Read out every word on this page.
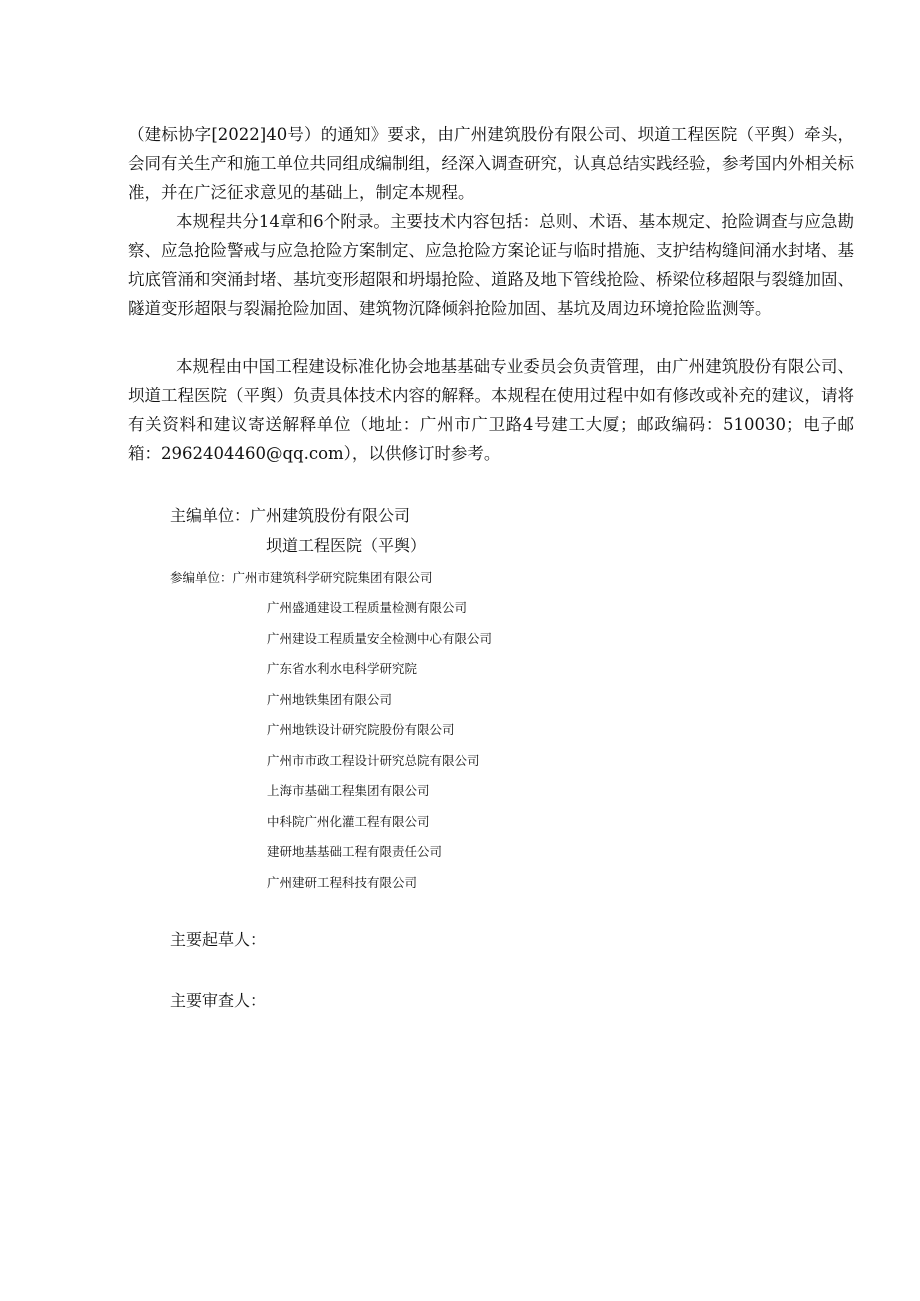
（建标协字[2022]40号）的通知》要求，由广州建筑股份有限公司、坝道工程医院（平舆）牵头，会同有关生产和施工单位共同组成编制组，经深入调查研究，认真总结实践经验，参考国内外相关标准，并在广泛征求意见的基础上，制定本规程。

本规程共分14章和6个附录。主要技术内容包括：总则、术语、基本规定、抢险调查与应急勘察、应急抢险警戒与应急抢险方案制定、应急抢险方案论证与临时措施、支护结构缝间涌水封堵、基坑底管涌和突涌封堵、基坑变形超限和坍塌抢险、道路及地下管线抢险、桥梁位移超限与裂缝加固、隧道变形超限与裂漏抢险加固、建筑物沉降倾斜抢险加固、基坑及周边环境抢险监测等。

本规程由中国工程建设标准化协会地基基础专业委员会负责管理，由广州建筑股份有限公司、坝道工程医院（平舆）负责具体技术内容的解释。本规程在使用过程中如有修改或补充的建议，请将有关资料和建议寄送解释单位（地址：广州市广卫路4号建工大厦；邮政编码：510030；电子邮箱：2962404460@qq.com），以供修订时参考。

主编单位：广州建筑股份有限公司
坝道工程医院（平舆）
参编单位：广州市建筑科学研究院集团有限公司
广州盛通建设工程质量检测有限公司
广州建设工程质量安全检测中心有限公司
广东省水利水电科学研究院
广州地铁集团有限公司
广州地铁设计研究院股份有限公司
广州市市政工程设计研究总院有限公司
上海市基础工程集团有限公司
中科院广州化灌工程有限公司
建研地基基础工程有限责任公司
广州建研工程科技有限公司
主要起草人：
主要审查人：
